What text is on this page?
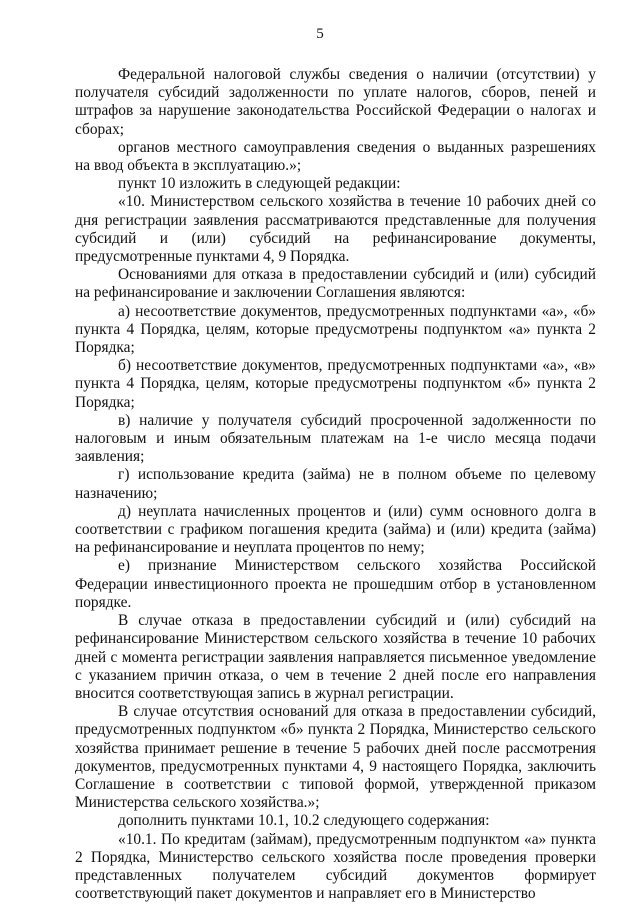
5

Федеральной налоговой службы сведения о наличии (отсутствии) у получателя субсидий задолженности по уплате налогов, сборов, пеней и штрафов за нарушение законодательства Российской Федерации о налогах и сборах;

органов местного самоуправления сведения о выданных разрешениях на ввод объекта в эксплуатацию.»;

пункт 10 изложить в следующей редакции:

«10. Министерством сельского хозяйства в течение 10 рабочих дней со дня регистрации заявления рассматриваются представленные для получения субсидий и (или) субсидий на рефинансирование документы, предусмотренные пунктами 4, 9 Порядка.

Основаниями для отказа в предоставлении субсидий и (или) субсидий на рефинансирование и заключении Соглашения являются:

а) несоответствие документов, предусмотренных подпунктами «а», «б» пункта 4 Порядка, целям, которые предусмотрены подпунктом «а» пункта 2 Порядка;

б) несоответствие документов, предусмотренных подпунктами «а», «в» пункта 4 Порядка, целям, которые предусмотрены подпунктом «б» пункта 2 Порядка;

в) наличие у получателя субсидий просроченной задолженности по налоговым и иным обязательным платежам на 1-е число месяца подачи заявления;

г) использование кредита (займа) не в полном объеме по целевому назначению;

д) неуплата начисленных процентов и (или) сумм основного долга в соответствии с графиком погашения кредита (займа) и (или) кредита (займа) на рефинансирование и неуплата процентов по нему;

е) признание Министерством сельского хозяйства Российской Федерации инвестиционного проекта не прошедшим отбор в установленном порядке.

В случае отказа в предоставлении субсидий и (или) субсидий на рефинансирование Министерством сельского хозяйства в течение 10 рабочих дней с момента регистрации заявления направляется письменное уведомление с указанием причин отказа, о чем в течение 2 дней после его направления вносится соответствующая запись в журнал регистрации.

В случае отсутствия оснований для отказа в предоставлении субсидий, предусмотренных подпунктом «б» пункта 2 Порядка, Министерство сельского хозяйства принимает решение в течение 5 рабочих дней после рассмотрения документов, предусмотренных пунктами 4, 9 настоящего Порядка, заключить Соглашение в соответствии с типовой формой, утвержденной приказом Министерства сельского хозяйства.»;

дополнить пунктами 10.1, 10.2 следующего содержания:

«10.1. По кредитам (займам), предусмотренным подпунктом «а» пункта 2 Порядка, Министерство сельского хозяйства после проведения проверки представленных получателем субсидий документов формирует соответствующий пакет документов и направляет его в Министерство
